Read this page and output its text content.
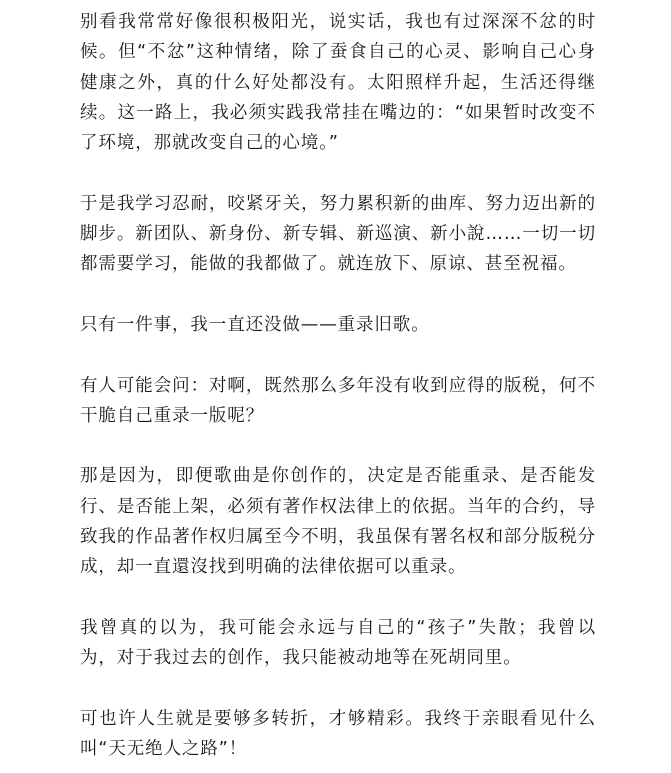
别看我常常好像很积极阳光，说实话，我也有过深深不忿的时候。但“不忿”这种情绪，除了蚕食自己的心灵、影响自己心身健康之外，真的什么好处都没有。太阳照样升起，生活还得继续。这一路上，我必须实践我常挂在嘴边的：“如果暂时改变不了环境，那就改变自己的心境。”

于是我学习忍耐，咬紧牙关，努力累积新的曲库、努力迈出新的脚步。新团队、新身份、新专辑、新巡演、新小說……一切一切都需要学习，能做的我都做了。就连放下、原谅、甚至祝福。

只有一件事，我一直还没做——重录旧歌。

有人可能会问：对啊，既然那么多年没有收到应得的版税，何不干脆自己重录一版呢？

那是因为，即便歌曲是你创作的，决定是否能重录、是否能发行、是否能上架，必须有著作权法律上的依据。当年的合约，导致我的作品著作权归属至今不明，我虽保有署名权和部分版税分成，却一直還沒找到明确的法律依据可以重录。

我曾真的以为，我可能会永远与自己的“孩子”失散；我曾以为，对于我过去的创作，我只能被动地等在死胡同里。

可也许人生就是要够多转折，才够精彩。我终于亲眼看见什么叫“天无绝人之路”！
